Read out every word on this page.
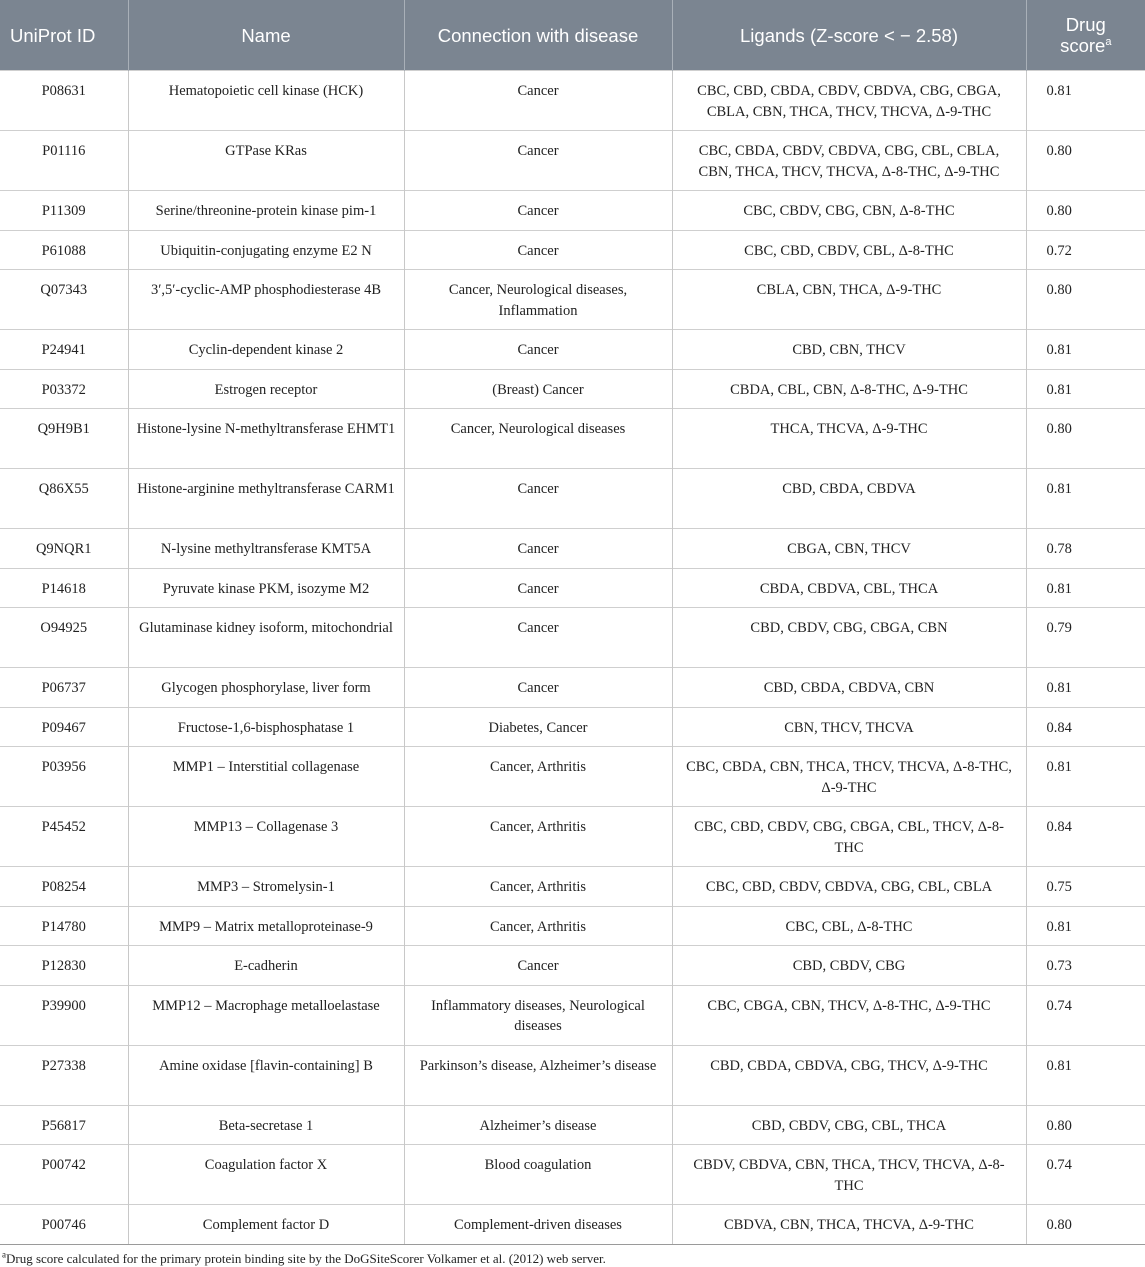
UniProt ID	Name	Connection with disease	Ligands (Z-score < − 2.58)	Drug
score$^a$
P08631	Hematopoietic cell kinase (HCK)	Cancer	CBC, CBD, CBDA, CBDV, CBDVA, CBG, CBGA, CBLA, CBN, THCA, THCV, THCVA, Δ-9-THC	0.81
P01116	GTPase KRas	Cancer	CBC, CBDA, CBDV, CBDVA, CBG, CBL, CBLA, CBN, THCA, THCV, THCVA, Δ-8-THC, Δ-9-THC	0.80
P11309	Serine/threonine-protein kinase pim-1	Cancer	CBC, CBDV, CBG, CBN, Δ-8-THC	0.80
P61088	Ubiquitin-conjugating enzyme E2 N	Cancer	CBC, CBD, CBDV, CBL, Δ-8-THC	0.72
Q07343	3′,5′-cyclic-AMP phosphodiesterase 4B	Cancer, Neurological diseases, Inflammation	CBLA, CBN, THCA, Δ-9-THC	0.80
P24941	Cyclin-dependent kinase 2	Cancer	CBD, CBN, THCV	0.81
P03372	Estrogen receptor	(Breast) Cancer	CBDA, CBL, CBN, Δ-8-THC, Δ-9-THC	0.81
Q9H9B1	Histone-lysine N-methyltransferase EHMT1	Cancer, Neurological diseases	THCA, THCVA, Δ-9-THC	0.80
Q86X55	Histone-arginine methyltransferase CARM1	Cancer	CBD, CBDA, CBDVA	0.81
Q9NQR1	N-lysine methyltransferase KMT5A	Cancer	CBGA, CBN, THCV	0.78
P14618	Pyruvate kinase PKM, isozyme M2	Cancer	CBDA, CBDVA, CBL, THCA	0.81
O94925	Glutaminase kidney isoform, mitochondrial	Cancer	CBD, CBDV, CBG, CBGA, CBN	0.79
P06737	Glycogen phosphorylase, liver form	Cancer	CBD, CBDA, CBDVA, CBN	0.81
P09467	Fructose-1,6-bisphosphatase 1	Diabetes, Cancer	CBN, THCV, THCVA	0.84
P03956	MMP1 – Interstitial collagenase	Cancer, Arthritis	CBC, CBDA, CBN, THCA, THCV, THCVA, Δ-8-THC, Δ-9-THC	0.81
P45452	MMP13 – Collagenase 3	Cancer, Arthritis	CBC, CBD, CBDV, CBG, CBGA, CBL, THCV, Δ-8-THC	0.84
P08254	MMP3 – Stromelysin-1	Cancer, Arthritis	CBC, CBD, CBDV, CBDVA, CBG, CBL, CBLA	0.75
P14780	MMP9 – Matrix metalloproteinase-9	Cancer, Arthritis	CBC, CBL, Δ-8-THC	0.81
P12830	E-cadherin	Cancer	CBD, CBDV, CBG	0.73
P39900	MMP12 – Macrophage metalloelastase	Inflammatory diseases, Neurological diseases	CBC, CBGA, CBN, THCV, Δ-8-THC, Δ-9-THC	0.74
P27338	Amine oxidase [flavin-containing] B	Parkinson’s disease, Alzheimer’s disease	CBD, CBDA, CBDVA, CBG, THCV, Δ-9-THC	0.81
P56817	Beta-secretase 1	Alzheimer’s disease	CBD, CBDV, CBG, CBL, THCA	0.80
P00742	Coagulation factor X	Blood coagulation	CBDV, CBDVA, CBN, THCA, THCV, THCVA, Δ-8-THC	0.74
P00746	Complement factor D	Complement-driven diseases	CBDVA, CBN, THCA, THCVA, Δ-9-THC	0.80
$^a$Drug score calculated for the primary protein binding site by the DoGSiteScorer Volkamer et al. (2012) web server.
